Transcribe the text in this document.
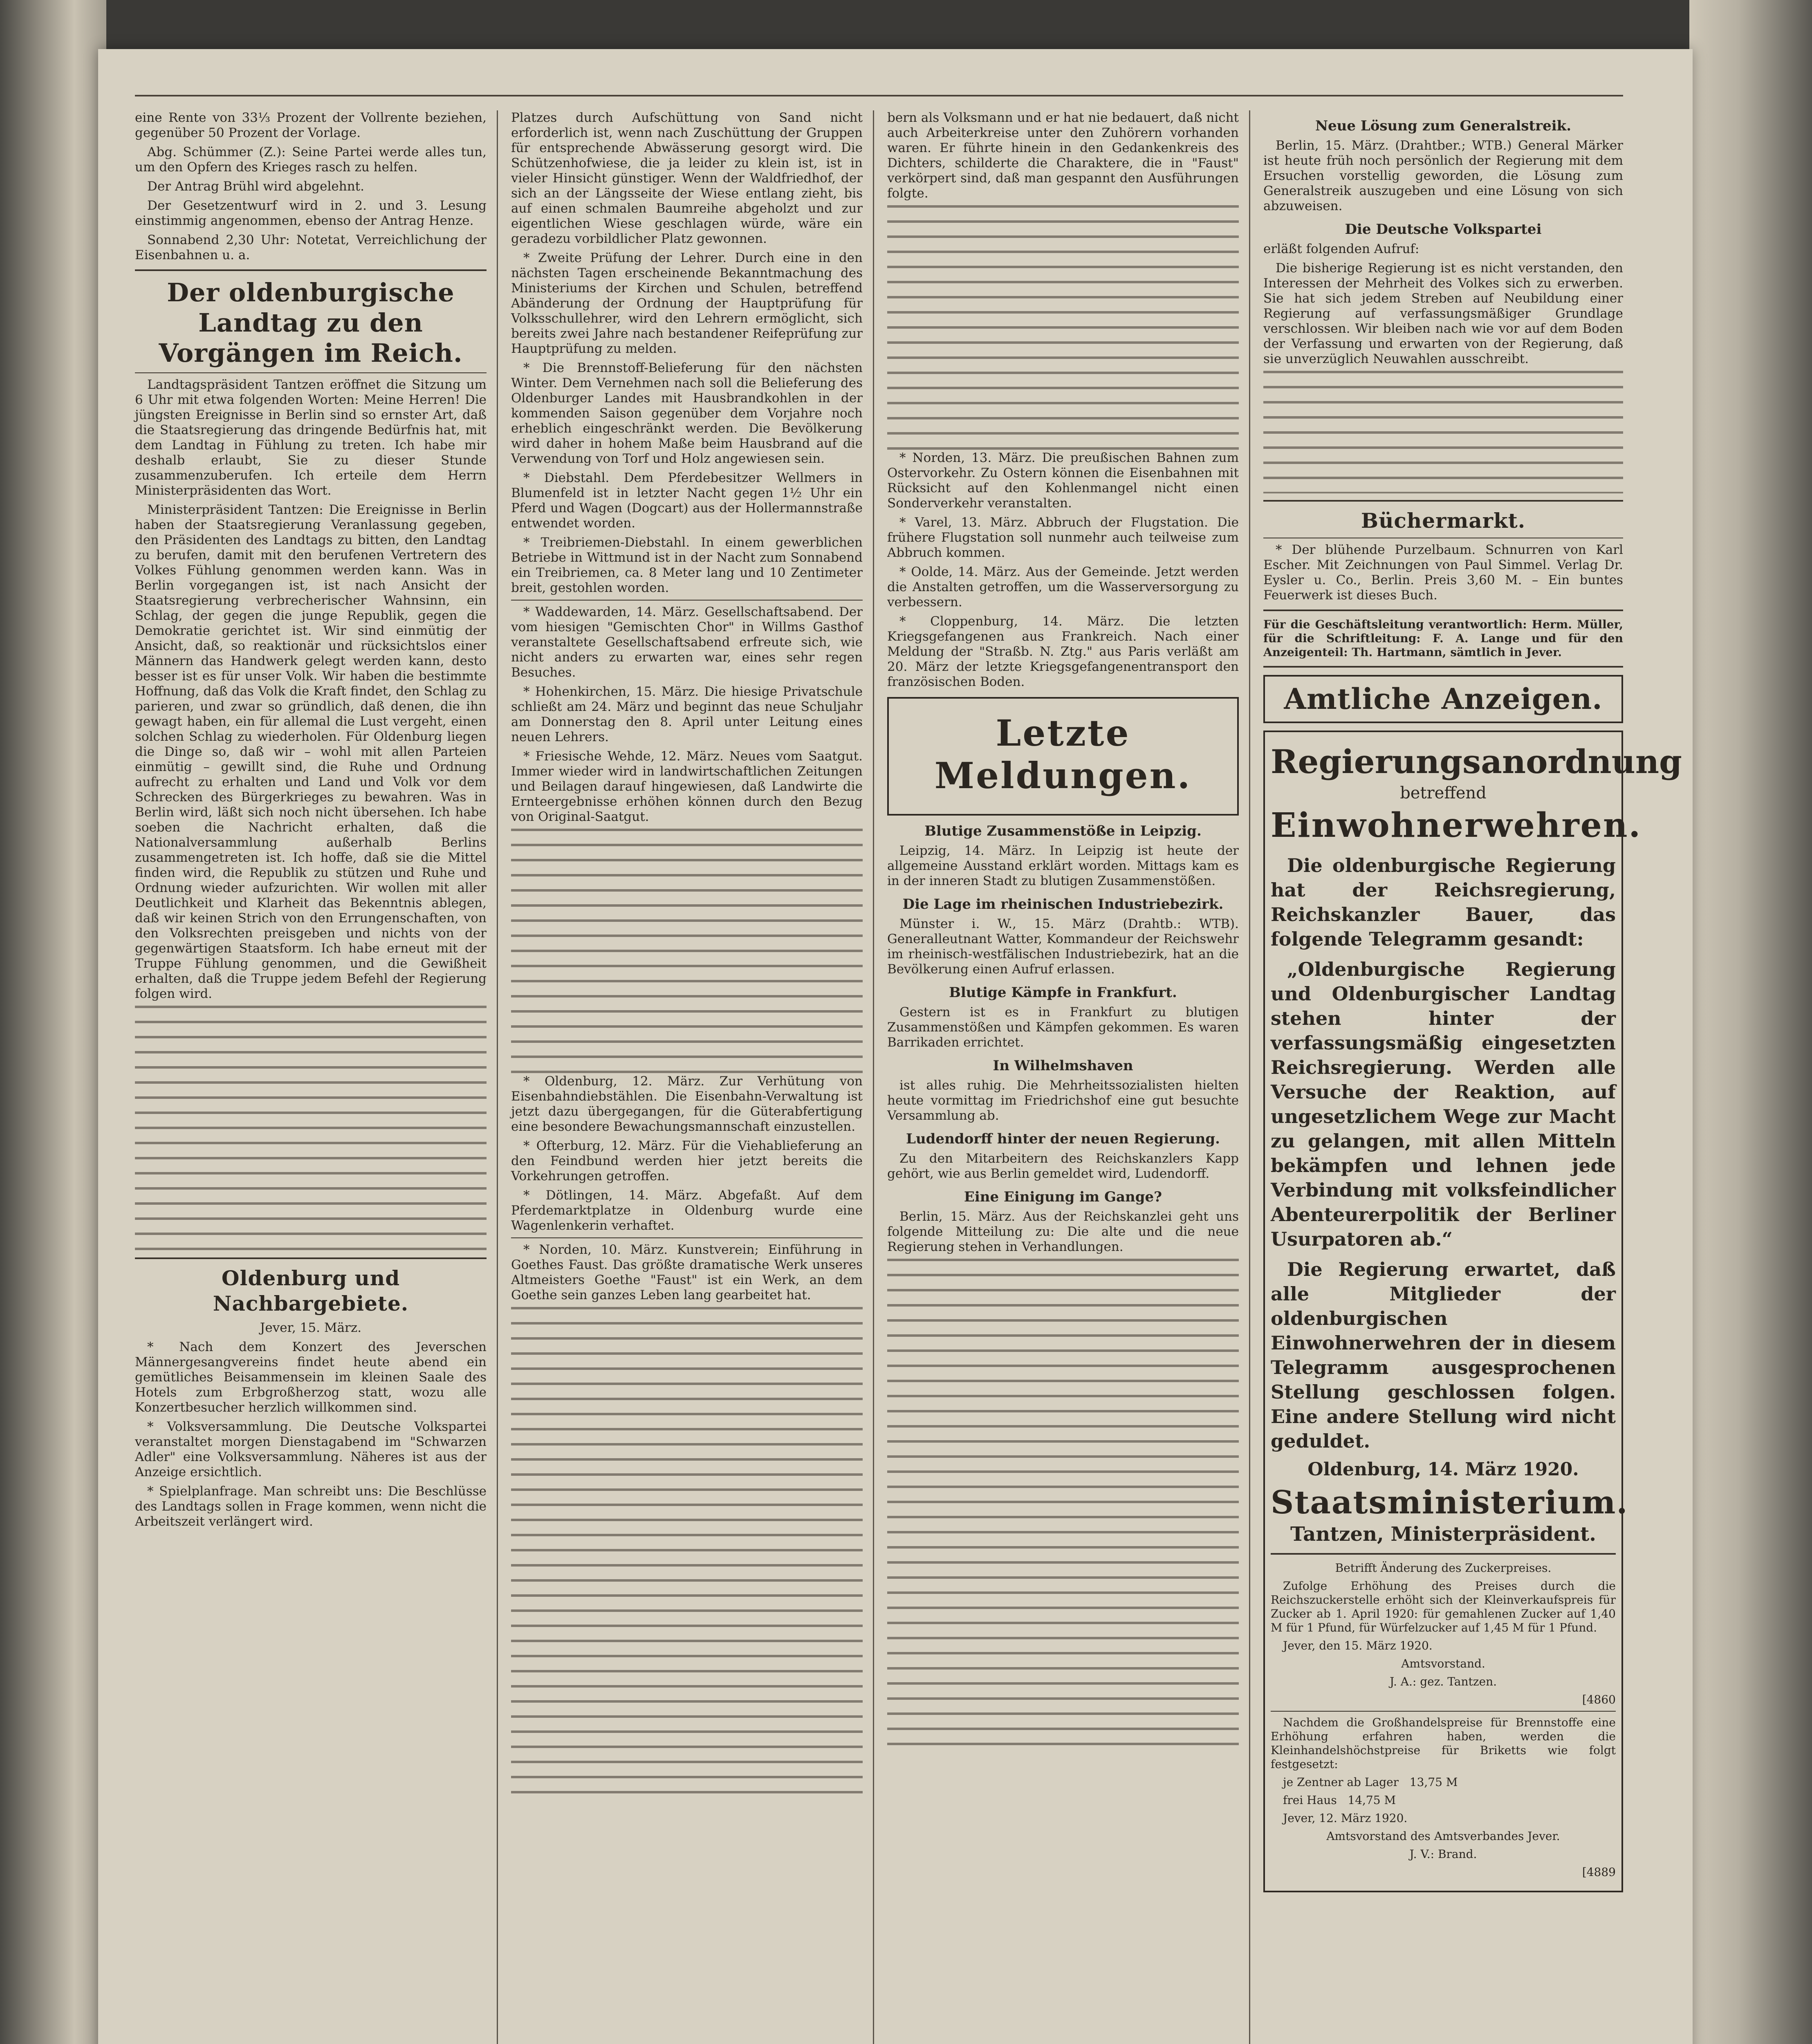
eine Rente von 33⅓ Prozent der Vollrente beziehen, gegenüber 50 Prozent der Vorlage.

Abg. Schümmer (Z.): Seine Partei werde alles tun, um den Opfern des Krieges rasch zu helfen.

Der Antrag Brühl wird abgelehnt.

Der Gesetzentwurf wird in 2. und 3. Lesung einstimmig angenommen, ebenso der Antrag Henze.

Sonnabend 2,30 Uhr: Notetat, Verreichlichung der Eisenbahnen u. a.

Der oldenburgische Landtag zu den Vorgängen im Reich.

Landtagspräsident Tantzen eröffnet die Sitzung um 6 Uhr mit etwa folgenden Worten: Meine Herren! Die jüngsten Ereignisse in Berlin sind so ernster Art, daß die Staatsregierung das dringende Bedürfnis hat, mit dem Landtag in Fühlung zu treten. Ich habe mir deshalb erlaubt, Sie zu dieser Stunde zusammenzuberufen. Ich erteile dem Herrn Ministerpräsidenten das Wort.

Ministerpräsident Tantzen: Die Ereignisse in Berlin haben der Staatsregierung Veranlassung gegeben, den Präsidenten des Landtags zu bitten, den Landtag zu berufen, damit mit den berufenen Vertretern des Volkes Fühlung genommen werden kann. Was in Berlin vorgegangen ist, ist nach Ansicht der Staatsregierung verbrecherischer Wahnsinn, ein Schlag, der gegen die junge Republik, gegen die Demokratie gerichtet ist. Wir sind einmütig der Ansicht, daß, so reaktionär und rücksichtslos einer Männern das Handwerk gelegt werden kann, desto besser ist es für unser Volk. Wir haben die bestimmte Hoffnung, daß das Volk die Kraft findet, den Schlag zu parieren, und zwar so gründlich, daß denen, die ihn gewagt haben, ein für allemal die Lust vergeht, einen solchen Schlag zu wiederholen. Für Oldenburg liegen die Dinge so, daß wir – wohl mit allen Parteien einmütig – gewillt sind, die Ruhe und Ordnung aufrecht zu erhalten und Land und Volk vor dem Schrecken des Bürgerkrieges zu bewahren. Was in Berlin wird, läßt sich noch nicht übersehen. Ich habe soeben die Nachricht erhalten, daß die Nationalversammlung außerhalb Berlins zusammengetreten ist. Ich hoffe, daß sie die Mittel finden wird, die Republik zu stützen und Ruhe und Ordnung wieder aufzurichten. Wir wollen mit aller Deutlichkeit und Klarheit das Bekenntnis ablegen, daß wir keinen Strich von den Errungenschaften, von den Volksrechten preisgeben und nichts von der gegenwärtigen Staatsform. Ich habe erneut mit der Truppe Fühlung genommen, und die Gewißheit erhalten, daß die Truppe jedem Befehl der Regierung folgen wird.

Oldenburg und Nachbargebiete.

Jever, 15. März.

* Nach dem Konzert des Jeverschen Männergesangvereins findet heute abend ein gemütliches Beisammensein im kleinen Saale des Hotels zum Erbgroßherzog statt, wozu alle Konzertbesucher herzlich willkommen sind.

* Volksversammlung. Die Deutsche Volkspartei veranstaltet morgen Dienstagabend im "Schwarzen Adler" eine Volksversammlung. Näheres ist aus der Anzeige ersichtlich.

* Spielplanfrage. Man schreibt uns: Die Beschlüsse des Landtags sollen in Frage kommen, wenn nicht die Arbeitszeit verlängert wird.

Platzes durch Aufschüttung von Sand nicht erforderlich ist, wenn nach Zuschüttung der Gruppen für entsprechende Abwässerung gesorgt wird. Die Schützenhofwiese, die ja leider zu klein ist, ist in vieler Hinsicht günstiger. Wenn der Waldfriedhof, der sich an der Längsseite der Wiese entlang zieht, bis auf einen schmalen Baumreihe abgeholzt und zur eigentlichen Wiese geschlagen würde, wäre ein geradezu vorbildlicher Platz gewonnen.

* Zweite Prüfung der Lehrer. Durch eine in den nächsten Tagen erscheinende Bekanntmachung des Ministeriums der Kirchen und Schulen, betreffend Abänderung der Ordnung der Hauptprüfung für Volksschullehrer, wird den Lehrern ermöglicht, sich bereits zwei Jahre nach bestandener Reifeprüfung zur Hauptprüfung zu melden.

* Die Brennstoff-Belieferung für den nächsten Winter. Dem Vernehmen nach soll die Belieferung des Oldenburger Landes mit Hausbrandkohlen in der kommenden Saison gegenüber dem Vorjahre noch erheblich eingeschränkt werden. Die Bevölkerung wird daher in hohem Maße beim Hausbrand auf die Verwendung von Torf und Holz angewiesen sein.

* Diebstahl. Dem Pferdebesitzer Wellmers in Blumenfeld ist in letzter Nacht gegen 1½ Uhr ein Pferd und Wagen (Dogcart) aus der Hollermannstraße entwendet worden.

* Treibriemen-Diebstahl. In einem gewerblichen Betriebe in Wittmund ist in der Nacht zum Sonnabend ein Treibriemen, ca. 8 Meter lang und 10 Zentimeter breit, gestohlen worden.

* Waddewarden, 14. März. Gesellschaftsabend. Der vom hiesigen "Gemischten Chor" in Willms Gasthof veranstaltete Gesellschaftsabend erfreute sich, wie nicht anders zu erwarten war, eines sehr regen Besuches.

* Hohenkirchen, 15. März. Die hiesige Privatschule schließt am 24. März und beginnt das neue Schuljahr am Donnerstag den 8. April unter Leitung eines neuen Lehrers.

* Friesische Wehde, 12. März. Neues vom Saatgut. Immer wieder wird in landwirtschaftlichen Zeitungen und Beilagen darauf hingewiesen, daß Landwirte die Ernteergebnisse erhöhen können durch den Bezug von Original-Saatgut.

* Oldenburg, 12. März. Zur Verhütung von Eisenbahndiebstählen. Die Eisenbahn-Verwaltung ist jetzt dazu übergegangen, für die Güterabfertigung eine besondere Bewachungsmannschaft einzustellen.

* Ofterburg, 12. März. Für die Viehablieferung an den Feindbund werden hier jetzt bereits die Vorkehrungen getroffen.

* Dötlingen, 14. März. Abgefaßt. Auf dem Pferdemarktplatze in Oldenburg wurde eine Wagenlenkerin verhaftet.

* Norden, 10. März. Kunstverein; Einführung in Goethes Faust. Das größte dramatische Werk unseres Altmeisters Goethe "Faust" ist ein Werk, an dem Goethe sein ganzes Leben lang gearbeitet hat.

bern als Volksmann und er hat nie bedauert, daß nicht auch Arbeiterkreise unter den Zuhörern vorhanden waren. Er führte hinein in den Gedankenkreis des Dichters, schilderte die Charaktere, die in "Faust" verkörpert sind, daß man gespannt den Ausführungen folgte.

* Norden, 13. März. Die preußischen Bahnen zum Ostervorkehr. Zu Ostern können die Eisenbahnen mit Rücksicht auf den Kohlenmangel nicht einen Sonderverkehr veranstalten.

* Varel, 13. März. Abbruch der Flugstation. Die frühere Flugstation soll nunmehr auch teilweise zum Abbruch kommen.

* Oolde, 14. März. Aus der Gemeinde. Jetzt werden die Anstalten getroffen, um die Wasserversorgung zu verbessern.

* Cloppenburg, 14. März. Die letzten Kriegsgefangenen aus Frankreich. Nach einer Meldung der "Straßb. N. Ztg." aus Paris verläßt am 20. März der letzte Kriegsgefangenentransport den französischen Boden.

Letzte Meldungen.
Blutige Zusammenstöße in Leipzig.

Leipzig, 14. März. In Leipzig ist heute der allgemeine Ausstand erklärt worden. Mittags kam es in der inneren Stadt zu blutigen Zusammenstößen.

Die Lage im rheinischen Industriebezirk.

Münster i. W., 15. März (Drahtb.: WTB). Generalleutnant Watter, Kommandeur der Reichswehr im rheinisch-westfälischen Industriebezirk, hat an die Bevölkerung einen Aufruf erlassen.

Blutige Kämpfe in Frankfurt.

Gestern ist es in Frankfurt zu blutigen Zusammenstößen und Kämpfen gekommen. Es waren Barrikaden errichtet.

In Wilhelmshaven

ist alles ruhig. Die Mehrheitssozialisten hielten heute vormittag im Friedrichshof eine gut besuchte Versammlung ab.

Ludendorff hinter der neuen Regierung.

Zu den Mitarbeitern des Reichskanzlers Kapp gehört, wie aus Berlin gemeldet wird, Ludendorff.

Eine Einigung im Gange?

Berlin, 15. März. Aus der Reichskanzlei geht uns folgende Mitteilung zu: Die alte und die neue Regierung stehen in Verhandlungen.

Neue Lösung zum Generalstreik.

Berlin, 15. März. (Drahtber.; WTB.) General Märker ist heute früh noch persönlich der Regierung mit dem Ersuchen vorstellig geworden, die Lösung zum Generalstreik auszugeben und eine Lösung von sich abzuweisen.

Die Deutsche Volkspartei

erläßt folgenden Aufruf:

Die bisherige Regierung ist es nicht verstanden, den Interessen der Mehrheit des Volkes sich zu erwerben. Sie hat sich jedem Streben auf Neubildung einer Regierung auf verfassungsmäßiger Grundlage verschlossen. Wir bleiben nach wie vor auf dem Boden der Verfassung und erwarten von der Regierung, daß sie unverzüglich Neuwahlen ausschreibt.

Büchermarkt.

* Der blühende Purzelbaum. Schnurren von Karl Escher. Mit Zeichnungen von Paul Simmel. Verlag Dr. Eysler u. Co., Berlin. Preis 3,60 M. – Ein buntes Feuerwerk ist dieses Buch.

Für die Geschäftsleitung verantwortlich: Herm. Müller, für die Schriftleitung: F. A. Lange und für den Anzeigenteil: Th. Hartmann, sämtlich in Jever.

Amtliche Anzeigen.
Regierungsanordnung
betreffend
Einwohnerwehren.

Die oldenburgische Regierung hat der Reichsregierung, Reichskanzler Bauer, das folgende Telegramm gesandt:

„Oldenburgische Regierung und Oldenburgischer Landtag stehen hinter der verfassungsmäßig eingesetzten Reichsregierung. Werden alle Versuche der Reaktion, auf ungesetzlichem Wege zur Macht zu gelangen, mit allen Mitteln bekämpfen und lehnen jede Verbindung mit volksfeindlicher Abenteurerpolitik der Berliner Usurpatoren ab.“

Die Regierung erwartet, daß alle Mitglieder der oldenburgischen Einwohnerwehren der in diesem Telegramm ausgesprochenen Stellung geschlossen folgen. Eine andere Stellung wird nicht geduldet.

Oldenburg, 14. März 1920.
Staatsministerium.
Tantzen, Ministerpräsident.

Betrifft Änderung des Zuckerpreises.

Zufolge Erhöhung des Preises durch die Reichszuckerstelle erhöht sich der Kleinverkaufspreis für Zucker ab 1. April 1920: für gemahlenen Zucker auf 1,40 M für 1 Pfund, für Würfelzucker auf 1,45 M für 1 Pfund.

Jever, den 15. März 1920.

Amtsvorstand.

J. A.: gez. Tantzen.

[4860

Nachdem die Großhandelspreise für Brennstoffe eine Erhöhung erfahren haben, werden die Kleinhandelshöchstpreise für Briketts wie folgt festgesetzt:

je Zentner ab Lager 13,75 M

frei Haus 14,75 M

Jever, 12. März 1920.

Amtsvorstand des Amtsverbandes Jever.

J. V.: Brand.

[4889
